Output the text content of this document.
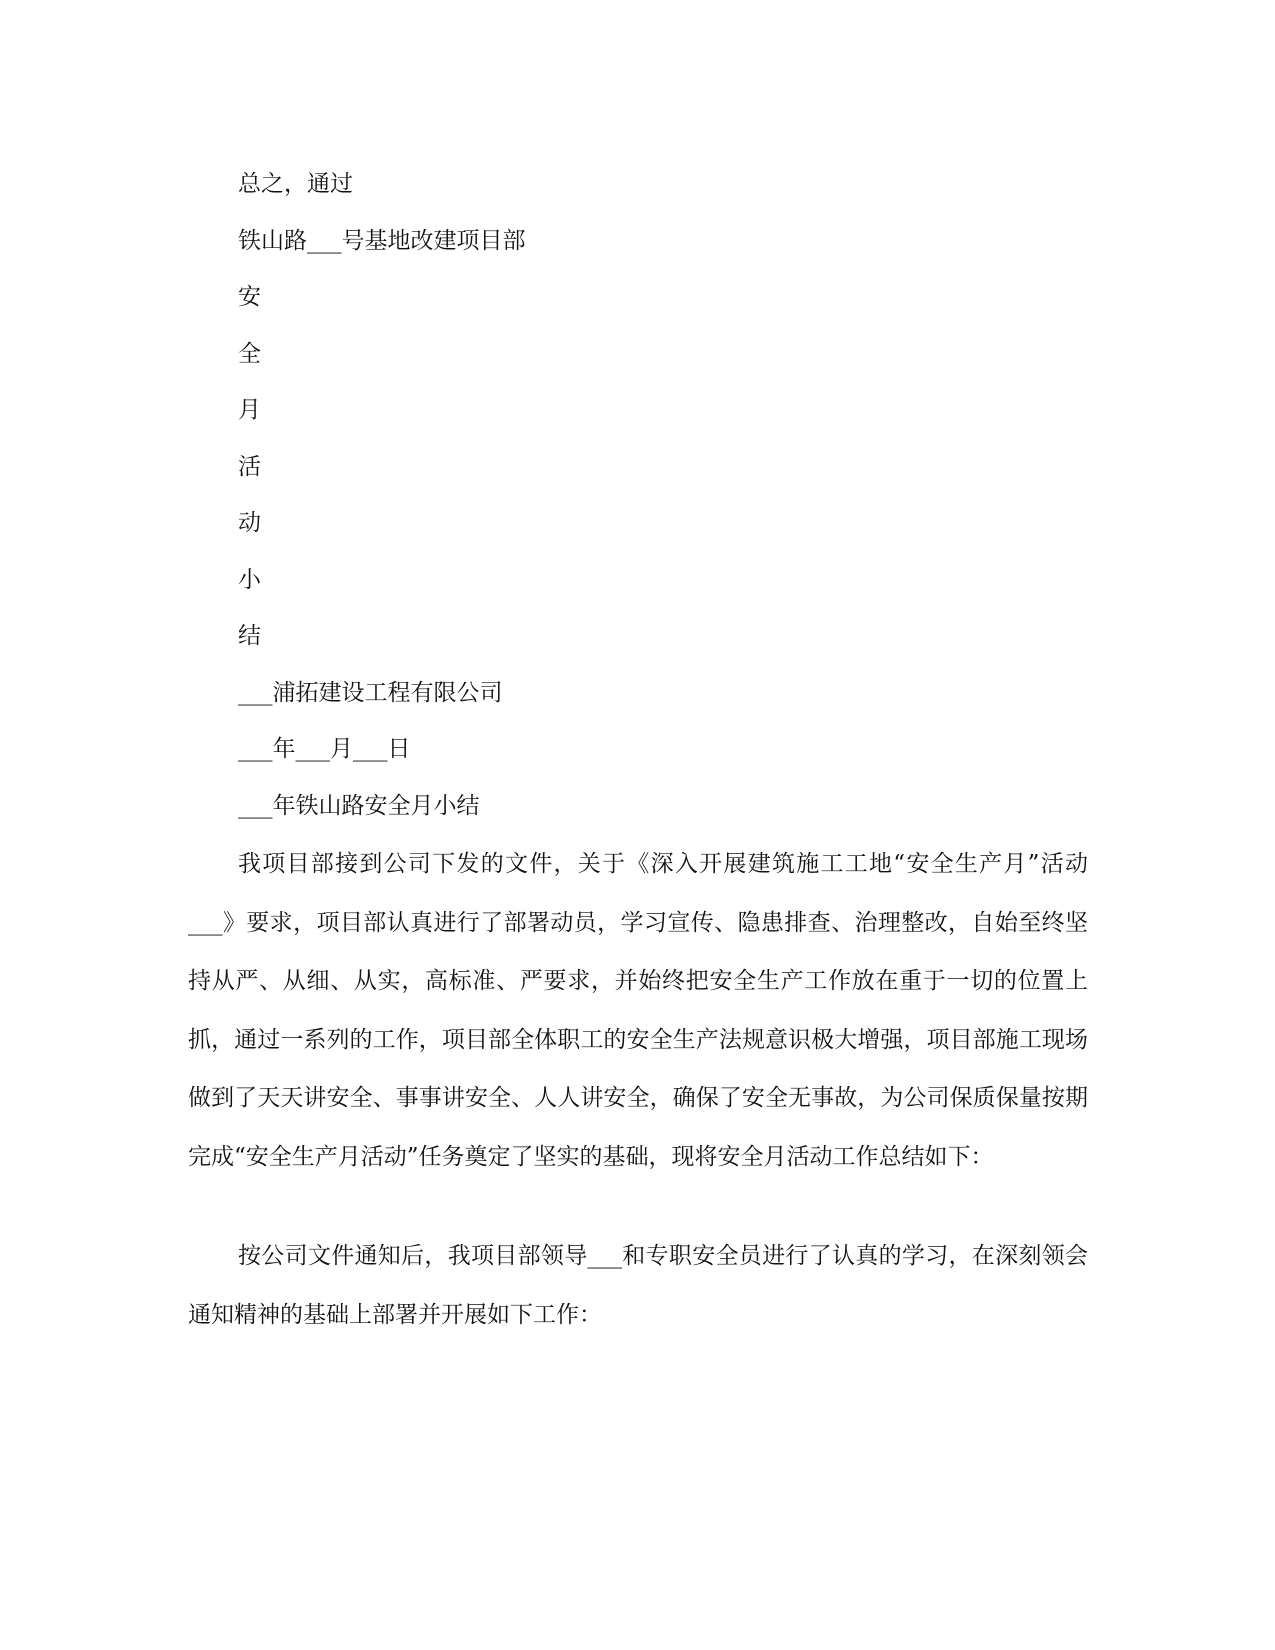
总之，通过
铁山路___号基地改建项目部
安
全
月
活
动
小
结
___浦拓建设工程有限公司
___年___月___日
___年铁山路安全月小结

我项目部接到公司下发的文件，关于《深入开展建筑施工工地“安全生产月”活动___》要求，项目部认真进行了部署动员，学习宣传、隐患排查、治理整改，自始至终坚持从严、从细、从实，高标准、严要求，并始终把安全生产工作放在重于一切的位置上抓，通过一系列的工作，项目部全体职工的安全生产法规意识极大增强，项目部施工现场做到了天天讲安全、事事讲安全、人人讲安全，确保了安全无事故，为公司保质保量按期完成“安全生产月活动”任务奠定了坚实的基础，现将安全月活动工作总结如下：

按公司文件通知后，我项目部领导___和专职安全员进行了认真的学习，在深刻领会通知精神的基础上部署并开展如下工作：
